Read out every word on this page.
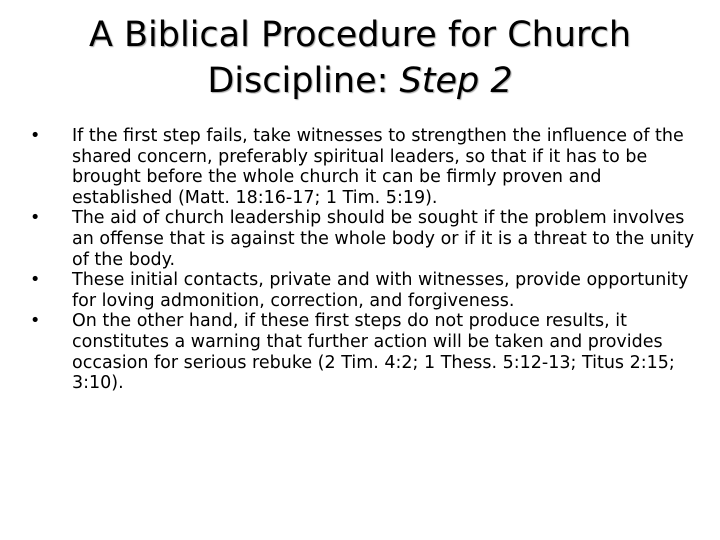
A Biblical Procedure for Church
Discipline: Step 2
•	If the first step fails, take witnesses to strengthen the influence of the shared concern, preferably spiritual leaders, so that if it has to be brought before the whole church it can be firmly proven and established (Matt. 18:16-17; 1 Tim. 5:19).
•	The aid of church leadership should be sought if the problem involves an offense that is against the whole body or if it is a threat to the unity of the body.
•	These initial contacts, private and with witnesses, provide opportunity for loving admonition, correction, and forgiveness.
•	On the other hand, if these first steps do not produce results, it constitutes a warning that further action will be taken and provides occasion for serious rebuke (2 Tim. 4:2; 1 Thess. 5:12-13; Titus 2:15; 3:10).
